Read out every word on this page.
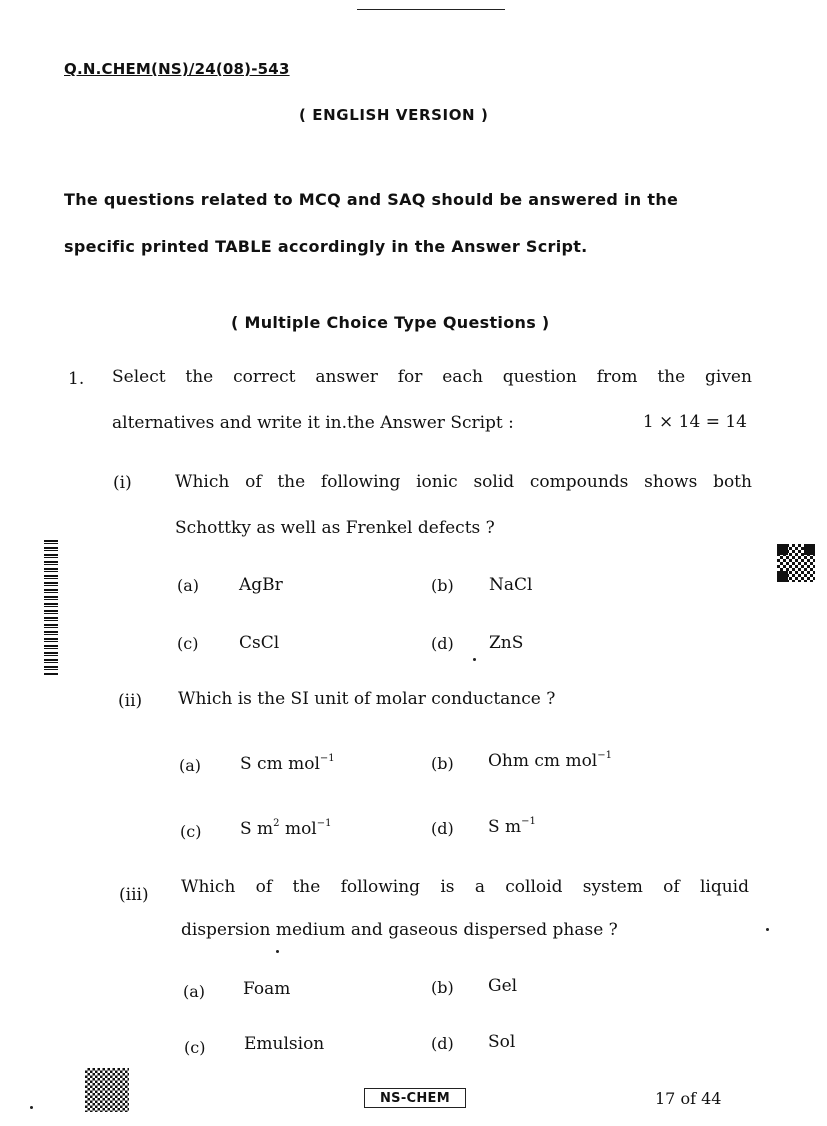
Q.N.CHEM(NS)/24(08)-543
( ENGLISH VERSION )
The questions related to MCQ and SAQ should be answered in the
specific printed TABLE accordingly in the Answer Script.
( Multiple Choice Type Questions )
1. Select the correct answer for each question from the given
alternatives and write it in.the Answer Script :	1 × 14 = 14
(i)	Which of the following ionic solid compounds shows both
Schottky as well as Frenkel defects ?
(a) AgBr	(b) NaCl
(c) CsCl	(d) ZnS
(ii) Which is the SI unit of molar conductance ?
(a) S cm mol$^{-1}$	(b) Ohm cm mol$^{-1}$
(c) S $m^2$ mol$^{-1}$	(d) S $m^{-1}$
(iii) Which of the following is a colloid system of liquid
dispersion medium and gaseous dispersed phase ?
(a) Foam	(b) Gel
(c) Emulsion	(d) Sol
NS-CHEM	17 of 44
